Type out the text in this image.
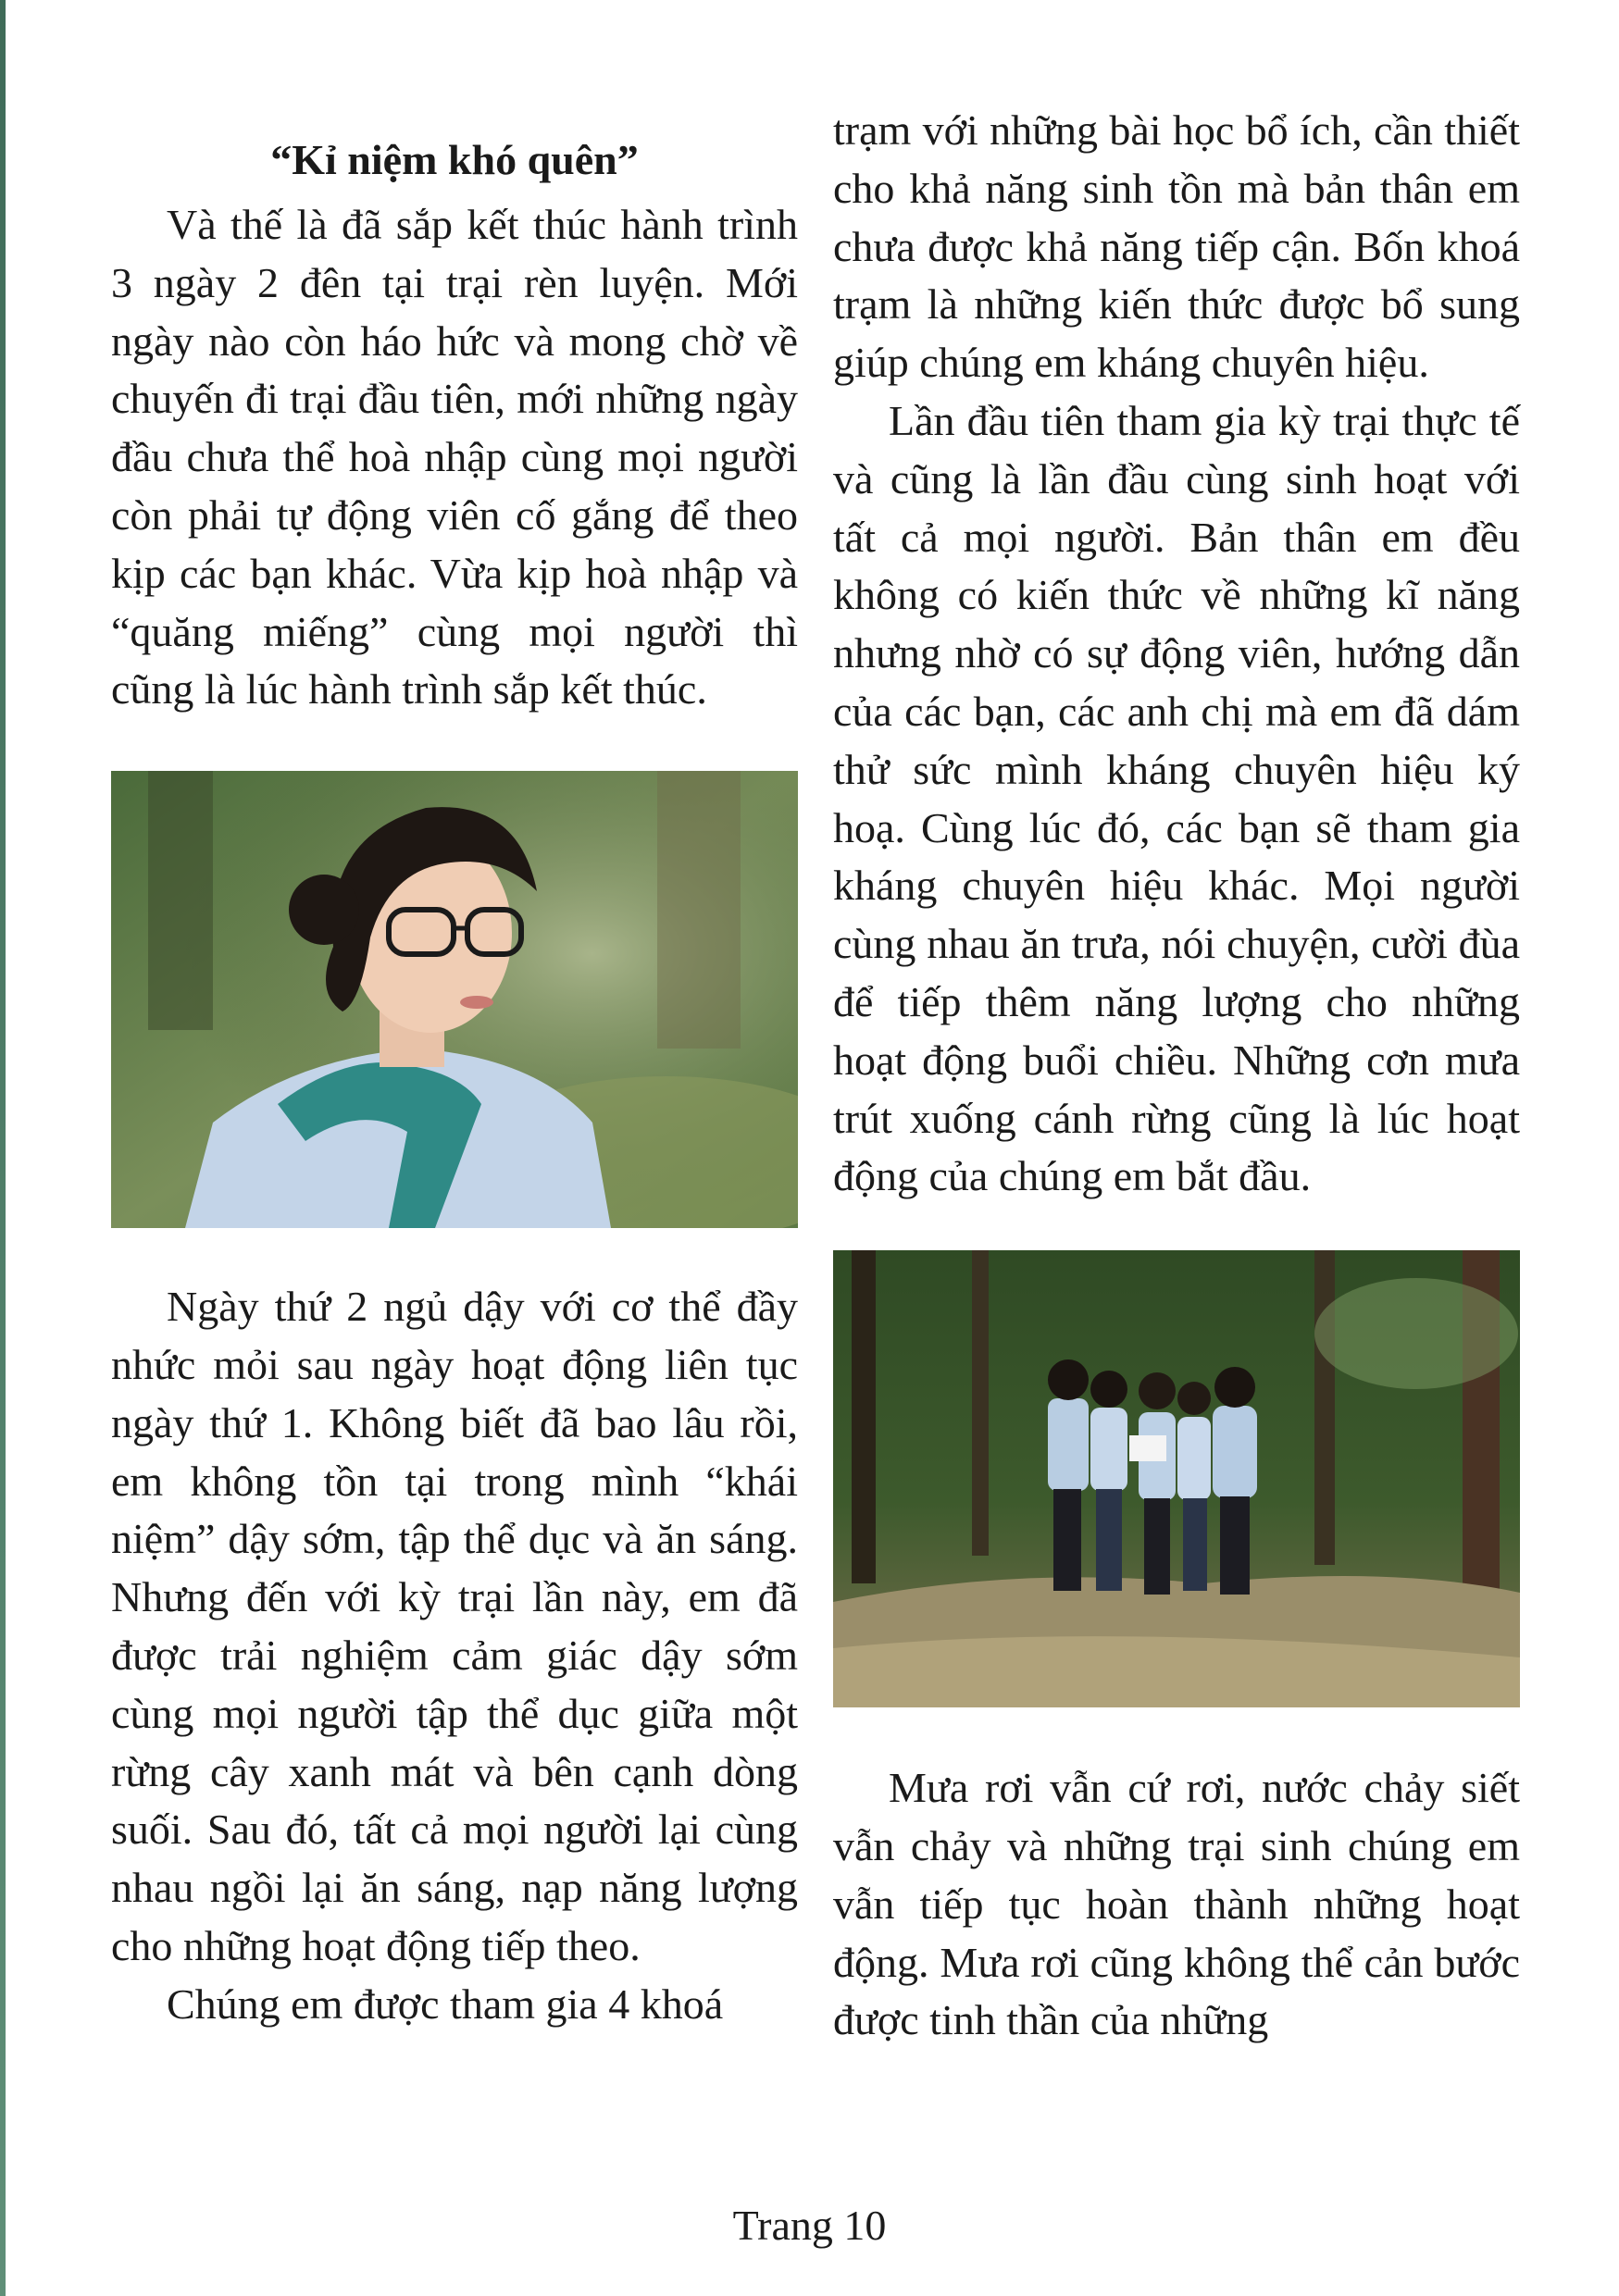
“Kỉ niệm khó quên”

Và thế là đã sắp kết thúc hành trình 3 ngày 2 đên tại trại rèn luyện. Mới ngày nào còn háo hức và mong chờ về chuyến đi trại đầu tiên, mới những ngày đầu chưa thể hoà nhập cùng mọi người còn phải tự động viên cố gắng để theo kịp các bạn khác. Vừa kịp hoà nhập và “quăng miếng” cùng mọi người thì cũng là lúc hành trình sắp kết thúc.

Ngày thứ 2 ngủ dậy với cơ thể đầy nhức mỏi sau ngày hoạt động liên tục ngày thứ 1. Không biết đã bao lâu rồi, em không tồn tại trong mình “khái niệm” dậy sớm, tập thể dục và ăn sáng. Nhưng đến với kỳ trại lần này, em đã được trải nghiệm cảm giác dậy sớm cùng mọi người tập thể dục giữa một rừng cây xanh mát và bên cạnh dòng suối. Sau đó, tất cả mọi người lại cùng nhau ngồi lại ăn sáng, nạp năng lượng cho những hoạt động tiếp theo.

Chúng em được tham gia 4 khoá

trạm với những bài học bổ ích, cần thiết cho khả năng sinh tồn mà bản thân em chưa được khả năng tiếp cận. Bốn khoá trạm là những kiến thức được bổ sung giúp chúng em kháng chuyên hiệu.

Lần đầu tiên tham gia kỳ trại thực tế và cũng là lần đầu cùng sinh hoạt với tất cả mọi người. Bản thân em đều không có kiến thức về những kĩ năng nhưng nhờ có sự động viên, hướng dẫn của các bạn, các anh chị mà em đã dám thử sức mình kháng chuyên hiệu ký hoạ. Cùng lúc đó, các bạn sẽ tham gia kháng chuyên hiệu khác. Mọi người cùng nhau ăn trưa, nói chuyện, cười đùa để tiếp thêm năng lượng cho những hoạt động buổi chiều. Những cơn mưa trút xuống cánh rừng cũng là lúc hoạt động của chúng em bắt đầu.

Mưa rơi vẫn cứ rơi, nước chảy siết vẫn chảy và những trại sinh chúng em vẫn tiếp tục hoàn thành những hoạt động. Mưa rơi cũng không thể cản bước được tinh thần của những

Trang 10
